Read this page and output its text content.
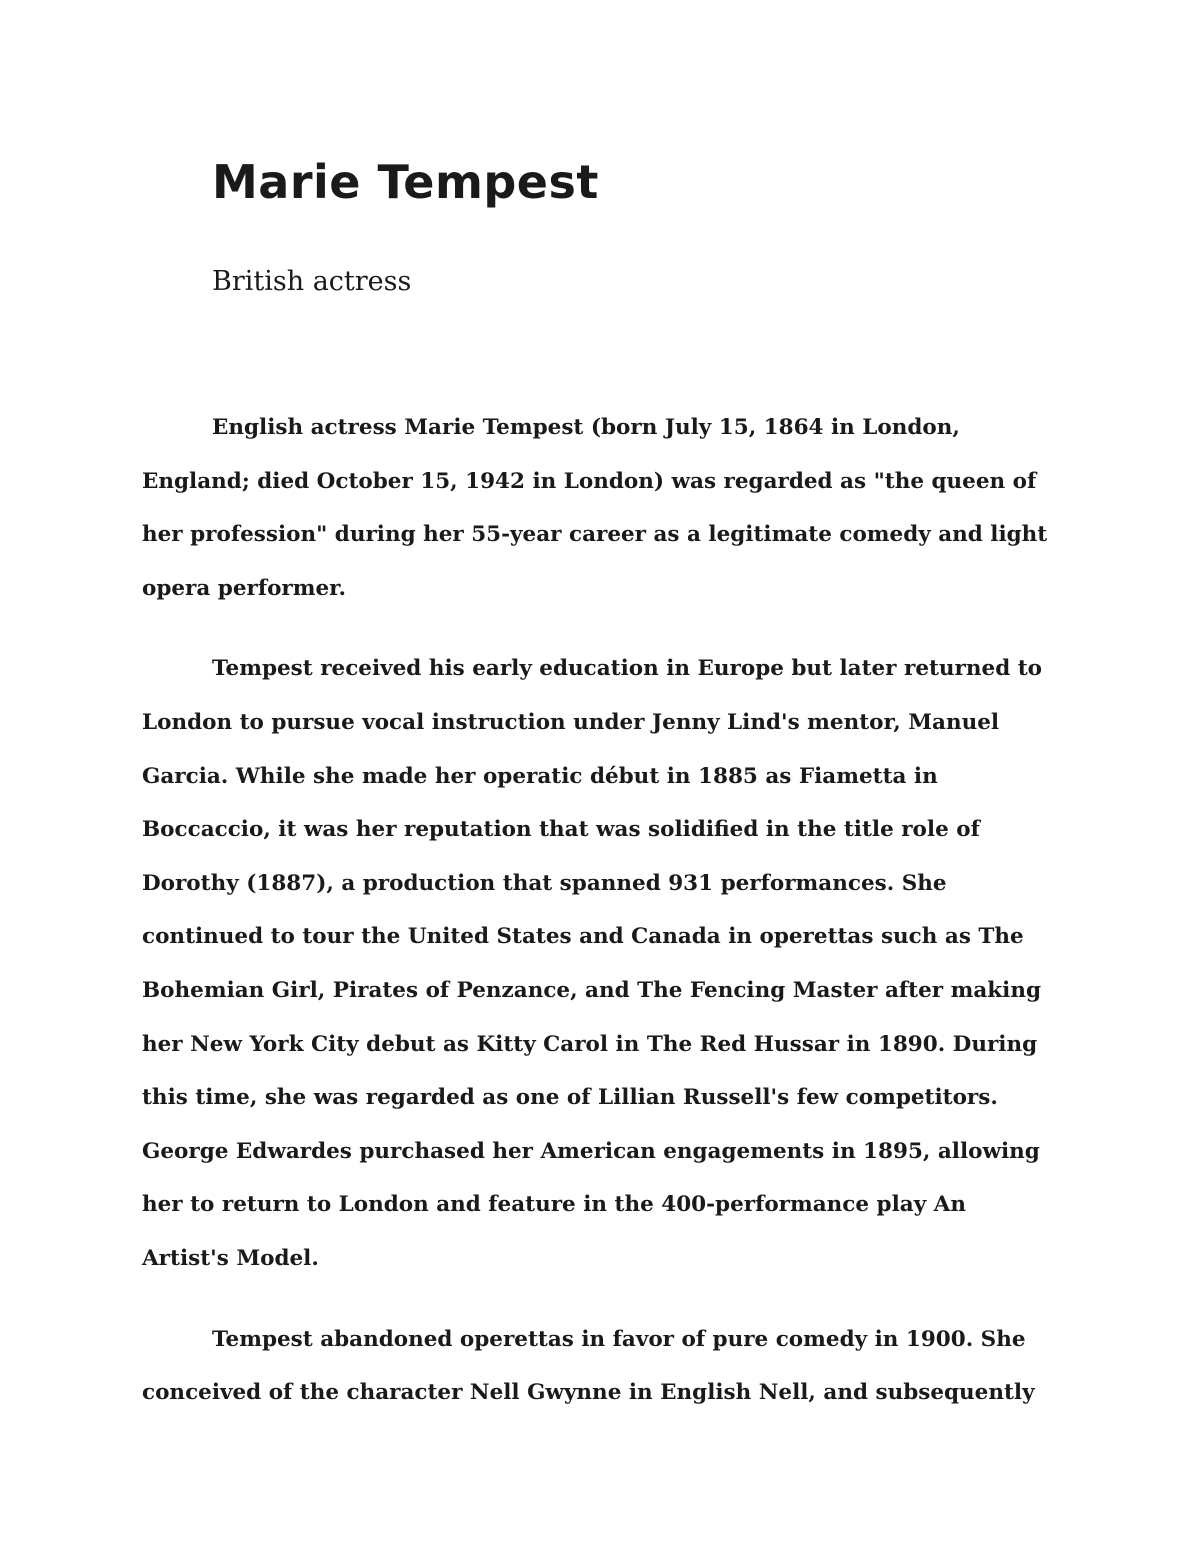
Marie Tempest

British actress

English actress Marie Tempest (born July 15, 1864 in London,
England; died October 15, 1942 in London) was regarded as "the queen of
her profession" during her 55-year career as a legitimate comedy and light
opera performer.

Tempest received his early education in Europe but later returned to
London to pursue vocal instruction under Jenny Lind's mentor, Manuel
Garcia. While she made her operatic début in 1885 as Fiametta in
Boccaccio, it was her reputation that was solidified in the title role of
Dorothy (1887), a production that spanned 931 performances. She
continued to tour the United States and Canada in operettas such as The
Bohemian Girl, Pirates of Penzance, and The Fencing Master after making
her New York City debut as Kitty Carol in The Red Hussar in 1890. During
this time, she was regarded as one of Lillian Russell's few competitors.
George Edwardes purchased her American engagements in 1895, allowing
her to return to London and feature in the 400-performance play An
Artist's Model.

Tempest abandoned operettas in favor of pure comedy in 1900. She
conceived of the character Nell Gwynne in English Nell, and subsequently
